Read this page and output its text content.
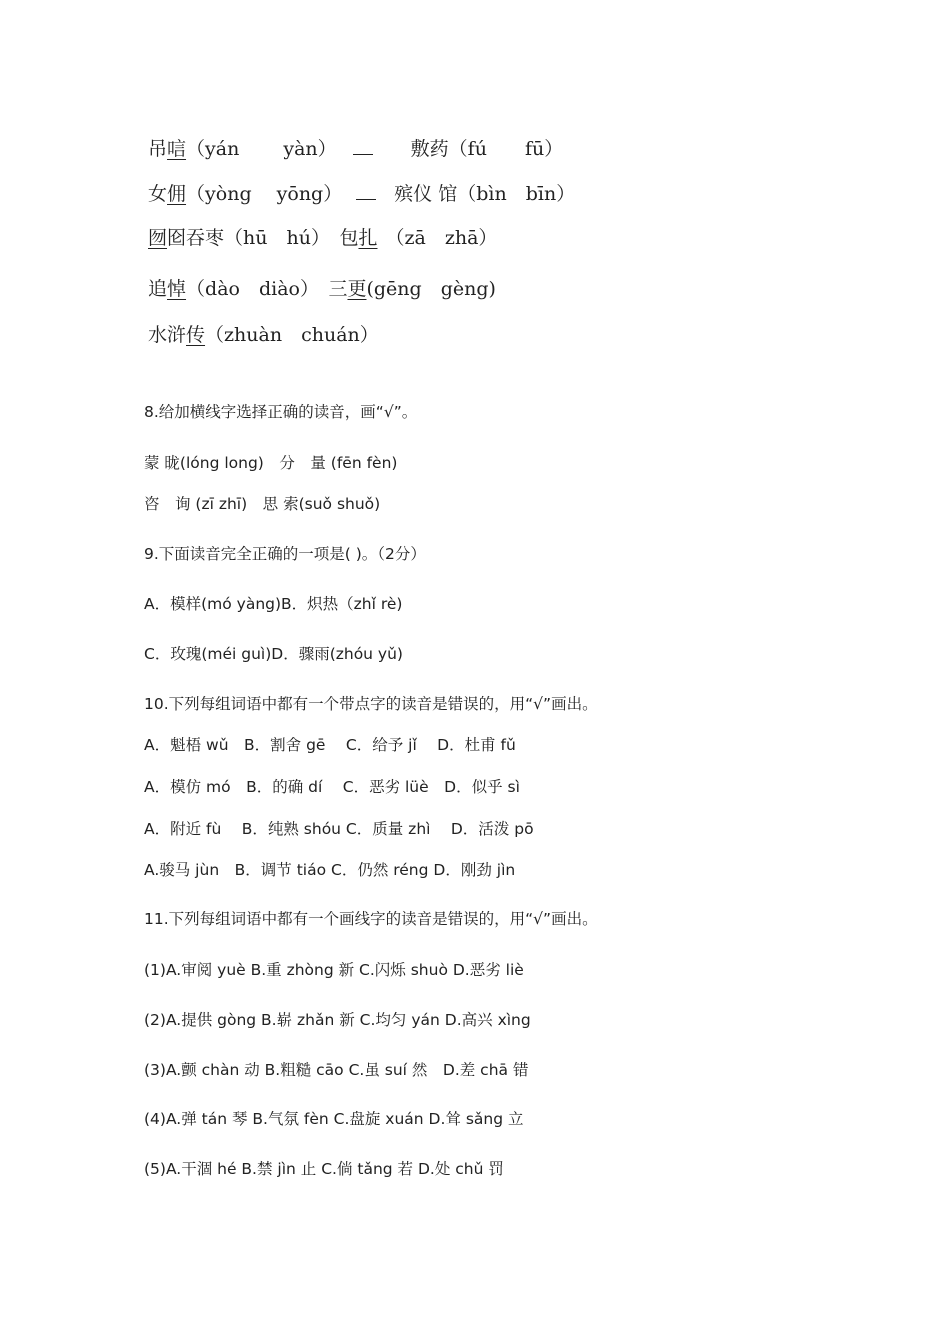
吊唁（yán　　 yàn）	敷药（fú　　fū）
女佣（yòng　 yōng）	殡仪 馆（bìn　bīn）
囫囵吞枣（hū　hú）　包扎 （zā　zhā）
追悼（dào　diào）　三更(gēng　gèng)
水浒传（zhuàn　chuán）
8.给加横线字选择正确的读音，画“√”。
蒙 昽(lóng long)　分　量 (fēn fèn)
咨　询 (zī zhī)　思 索(suǒ shuǒ)
9.下面读音完全正确的一项是( )。（2分）
A．模样(mó yàng)B．炽热（zhǐ rè)
C．玫瑰(méi guì)D．骤雨(zhóu yǔ)
10.下列每组词语中都有一个带点字的读音是错误的，用“√”画出。
A．魁梧 wǔ　B．割舍 gē　 C．给予 jǐ　 D．杜甫 fǔ
A．模仿 mó　B．的确 dí　 C．恶劣 lüè　D．似乎 sì
A．附近 fù　 B．纯熟 shóu C．质量 zhì　 D．活泼 pō
A.骏马 jùn　B．调节 tiáo C．仍然 réng D．刚劲 jìn
11.下列每组词语中都有一个画线字的读音是错误的，用“√”画出。
(1)A.审阅 yuè B.重 zhòng 新 C.闪烁 shuò D.恶劣 liè
(2)A.提供 gòng B.崭 zhǎn 新 C.均匀 yán D.高兴 xìng
(3)A.颤 chàn 动 B.粗糙 cāo C.虽 suí 然　D.差 chā 错
(4)A.弹 tán 琴 B.气氛 fèn C.盘旋 xuán D.耸 sǎng 立
(5)A.干涸 hé B.禁 jìn 止 C.倘 tǎng 若 D.处 chǔ 罚
